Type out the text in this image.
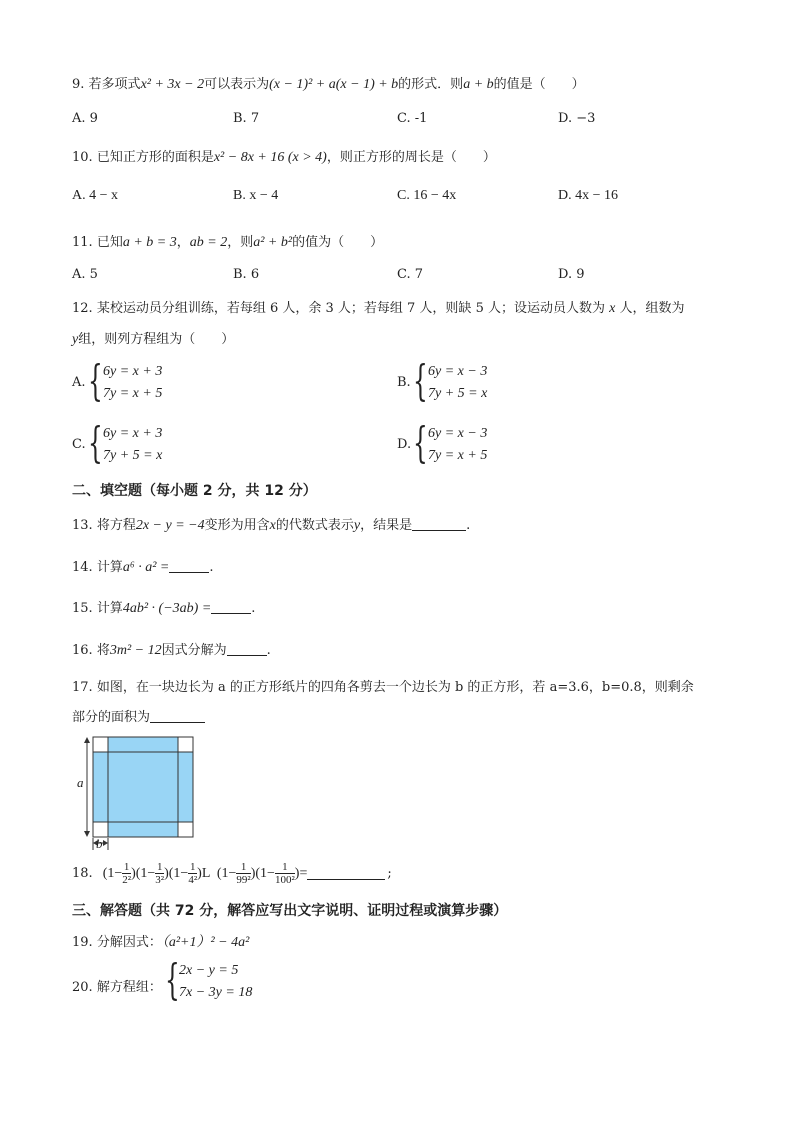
9. 若多项式x² + 3x − 2可以表示为(x − 1)² + a(x − 1) + b的形式．则a + b的值是（　　）
A. 9	B. 7	C. -1	D. −3
10. 已知正方形的面积是x² − 8x + 16 (x > 4)，则正方形的周长是（　　）
A. 4 − x	B. x − 4	C. 16 − 4x	D. 4x − 16
11. 已知a + b = 3，ab = 2，则a² + b²的值为（　　）
A. 5	B. 6	C. 7	D. 9
12. 某校运动员分组训练，若每组 6 人，余 3 人；若每组 7 人，则缺 5 人；设运动员人数为 x 人，组数为
y组，则列方程组为（　　）
A. { 6y = x + 3
7y = x + 5
B. { 6y = x − 3
7y + 5 = x
C. { 6y = x + 3
7y + 5 = x
D. { 6y = x − 3
7y = x + 5
二、填空题（每小题 2 分，共 12 分）
13. 将方程2x − y = −4变形为用含x的代数式表示y，结果是	.
14. 计算a⁶ · a² =	.
15. 计算4ab² · (−3ab) =	.
16. 将3m² − 12因式分解为	.
17. 如图，在一块边长为 a 的正方形纸片的四角各剪去一个边长为 b 的正方形，若 a=3.6，b=0.8，则剩余
部分的面积为
a
b
18. $(1- \frac{1}{\text{2²}} )(1- \frac{1}{\text{3²}} )(1- \frac{1}{\text{4²}} )L$  $(1- \frac{1}{\text{99²}} )(1- \frac{1}{\text{100²}}$ )=	;
三、解答题（共 72 分，解答应写出文字说明、证明过程或演算步骤）
19. 分解因式：（a²+1）² − 4a²
20. 解方程组： { 2x − y = 5
7x − 3y = 18
